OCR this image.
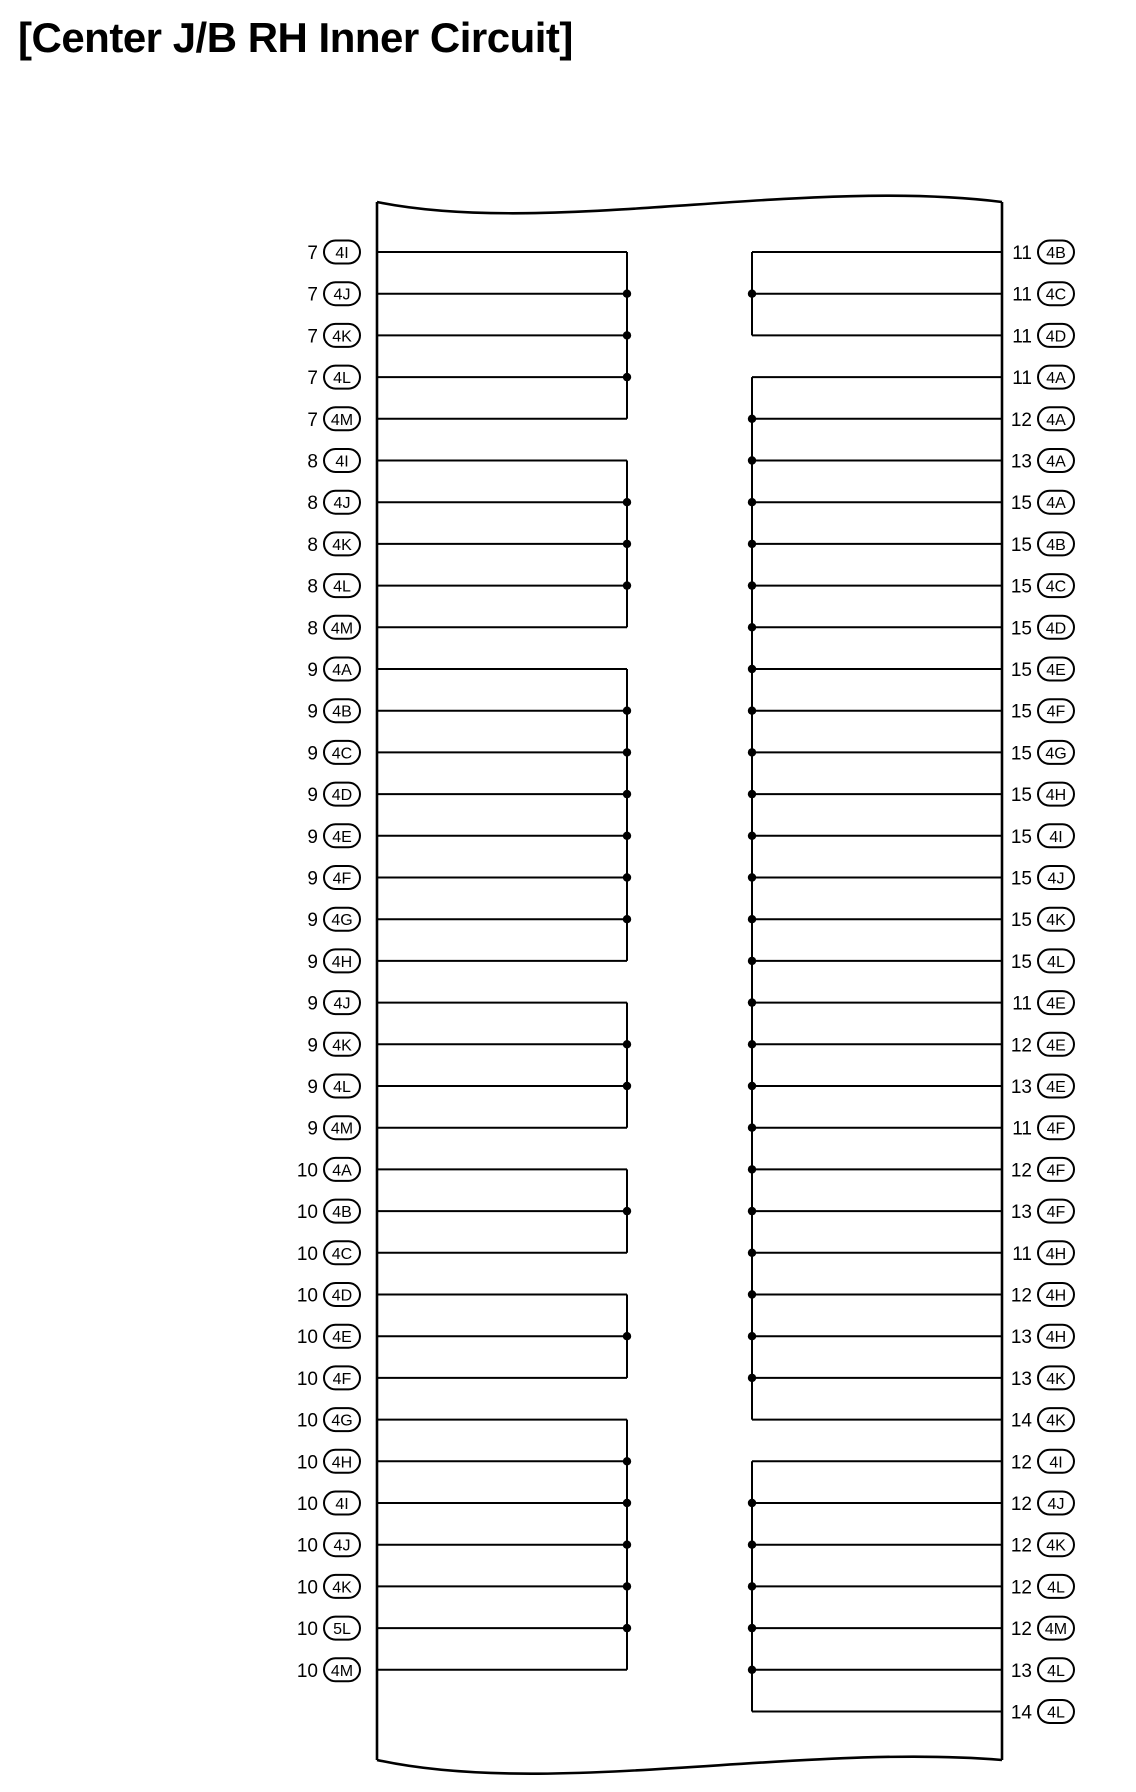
[Center J/B RH Inner Circuit]
7 4I
7 4J
7 4K
7 4L
7 4M
8 4I
8 4J
8 4K
8 4L
8 4M
9 4A
9 4B
9 4C
9 4D
9 4E
9 4F
9 4G
9 4H
9 4J
9 4K
9 4L
9 4M
10 4A
10 4B
10 4C
10 4D
10 4E
10 4F
10 4G
10 4H
10 4I
10 4J
10 4K
10 5L
10 4M
11 4B
11 4C
11 4D
11 4A
12 4A
13 4A
15 4A
15 4B
15 4C
15 4D
15 4E
15 4F
15 4G
15 4H
15 4I
15 4J
15 4K
15 4L
11 4E
12 4E
13 4E
11 4F
12 4F
13 4F
11 4H
12 4H
13 4H
13 4K
14 4K
12 4I
12 4J
12 4K
12 4L
12 4M
13 4L
14 4L
